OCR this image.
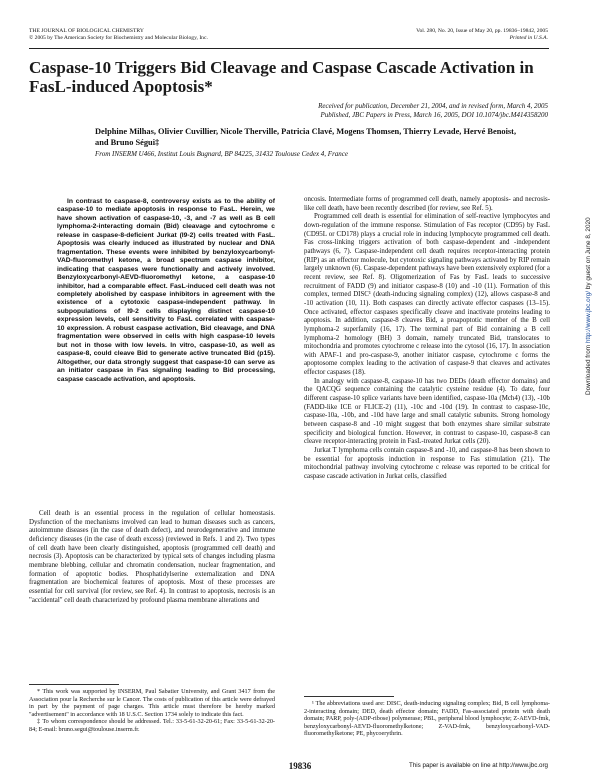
THE JOURNAL OF BIOLOGICAL CHEMISTRY
© 2005 by The American Society for Biochemistry and Molecular Biology, Inc.
Vol. 280, No. 20, Issue of May 20, pp. 19836–19842, 2005
Printed in U.S.A.
Caspase-10 Triggers Bid Cleavage and Caspase Cascade Activation in FasL-induced Apoptosis*
Received for publication, December 21, 2004, and in revised form, March 4, 2005
Published, JBC Papers in Press, March 16, 2005, DOI 10.1074/jbc.M414358200
Delphine Milhas, Olivier Cuvillier, Nicole Therville, Patricia Clavé, Mogens Thomsen, Thierry Levade, Hervé Benoist, and Bruno Ségui‡
From INSERM U466, Institut Louis Bugnard, BP 84225, 31432 Toulouse Cedex 4, France

In contrast to caspase-8, controversy exists as to the ability of caspase-10 to mediate apoptosis in response to FasL. Herein, we have shown activation of caspase-10, -3, and -7 as well as B cell lymphoma-2-interacting domain (Bid) cleavage and cytochrome c release in caspase-8-deficient Jurkat (I9-2) cells treated with FasL. Apoptosis was clearly induced as illustrated by nuclear and DNA fragmentation. These events were inhibited by benzyloxycarbonyl-VAD-fluoromethyl ketone, a broad spectrum caspase inhibitor, indicating that caspases were functionally and actively involved. Benzyloxycarbonyl-AEVD-fluoromethyl ketone, a caspase-10 inhibitor, had a comparable effect. FasL-induced cell death was not completely abolished by caspase inhibitors in agreement with the existence of a cytotoxic caspase-independent pathway. In subpopulations of I9-2 cells displaying distinct caspase-10 expression levels, cell sensitivity to FasL correlated with caspase-10 expression. A robust caspase activation, Bid cleavage, and DNA fragmentation were observed in cells with high caspase-10 levels but not in those with low levels. In vitro, caspase-10, as well as caspase-8, could cleave Bid to generate active truncated Bid (p15). Altogether, our data strongly suggest that caspase-10 can serve as an initiator caspase in Fas signaling leading to Bid processing, caspase cascade activation, and apoptosis.

Cell death is an essential process in the regulation of cellular homeostasis. Dysfunction of the mechanisms involved can lead to human diseases such as cancers, autoimmune diseases (in the case of death defect), and neurodegenerative and immune deficiency diseases (in the case of death excess) (reviewed in Refs. 1 and 2). Two types of cell death have been clearly distinguished, apoptosis (programmed cell death) and necrosis (3). Apoptosis can be characterized by typical sets of changes including plasma membrane blebbing, cellular and chromatin condensation, nuclear fragmentation, and formation of apoptotic bodies. Phosphatidylserine externalization and DNA fragmentation are biochemical features of apoptosis. Most of these processes are essential for cell survival (for review, see Ref. 4). In contrast to apoptosis, necrosis is an "accidental" cell death characterized by profound plasma membrane alterations and

oncosis. Intermediate forms of programmed cell death, namely apoptosis- and necrosis-like cell death, have been recently described (for review, see Ref. 5).

Programmed cell death is essential for elimination of self-reactive lymphocytes and down-regulation of the immune response. Stimulation of Fas receptor (CD95) by FasL (CD95L or CD178) plays a crucial role in inducing lymphocyte programmed cell death. Fas cross-linking triggers activation of both caspase-dependent and -independent pathways (6, 7). Caspase-independent cell death requires receptor-interacting protein (RIP) as an effector molecule, but cytotoxic signaling pathways activated by RIP remain largely unknown (6). Caspase-dependent pathways have been extensively explored (for a recent review, see Ref. 8). Oligomerization of Fas by FasL leads to successive recruitment of FADD (9) and initiator caspase-8 (10) and -10 (11). Formation of this complex, termed DISC¹ (death-inducing signaling complex) (12), allows caspase-8 and -10 activation (10, 11). Both caspases can directly activate effector caspases (13–15). Once activated, effector caspases specifically cleave and inactivate proteins leading to apoptosis. In addition, caspase-8 cleaves Bid, a proapoptotic member of the B cell lymphoma-2 superfamily (16, 17). The terminal part of Bid containing a B cell lymphoma-2 homology (BH) 3 domain, namely truncated Bid, translocates to mitochondria and promotes cytochrome c release into the cytosol (16, 17). In association with APAF-1 and pro-caspase-9, another initiator caspase, cytochrome c forms the apoptosome complex leading to the activation of caspase-9 that cleaves and activates effector caspases (18).

In analogy with caspase-8, caspase-10 has two DEDs (death effector domains) and the QACQG sequence containing the catalytic cysteine residue (4). To date, four different caspase-10 splice variants have been identified, caspase-10a (Mch4) (13), -10b (FADD-like ICE or FLICE-2) (11), -10c and -10d (19). In contrast to caspase-10c, caspase-10a, -10b, and -10d have large and small catalytic subunits. Strong homology between caspase-8 and -10 might suggest that both enzymes share similar substrate specificity and biological function. However, in contrast to caspase-10, caspase-8 can cleave receptor-interacting protein in FasL-treated Jurkat cells (20).

Jurkat T lymphoma cells contain caspase-8 and -10, and caspase-8 has been shown to be essential for apoptosis induction in response to Fas stimulation (21). The mitochondrial pathway involving cytochrome c release was reported to be critical for caspase cascade activation in Jurkat cells, classified

* This work was supported by INSERM, Paul Sabatier University, and Grant 3417 from the Association pour la Recherche sur le Cancer. The costs of publication of this article were defrayed in part by the payment of page charges. This article must therefore be hereby marked "advertisement" in accordance with 18 U.S.C. Section 1734 solely to indicate this fact.

‡ To whom correspondence should be addressed. Tel.: 33-5-61-32-20-61; Fax: 33-5-61-32-20-84; E-mail: bruno.segui@toulouse.inserm.fr.

¹ The abbreviations used are: DISC, death-inducing signaling complex; Bid, B cell lymphoma-2-interacting domain; DED, death effector domain; FADD, Fas-associated protein with death domain; PARP, poly-(ADP-ribose) polymerase; PBL, peripheral blood lymphocyte; Z-AEVD-fmk, benzyloxycarbonyl-AEVD-fluoromethylketone; Z-VAD-fmk, benzyloxycarbonyl-VAD-fluoromethylketone; PE, phycoerythrin.

19836	This paper is available on line at http://www.jbc.org
Downloaded from http://www.jbc.org/ by guest on June 8, 2020
